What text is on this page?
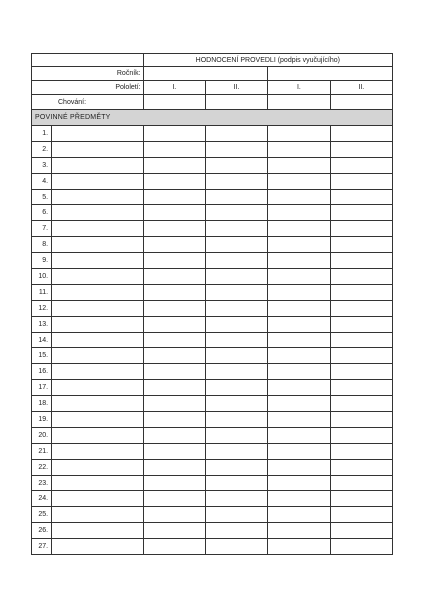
		HODNOCENÍ PROVEDLI (podpis vyučujícího)			
Ročník:					
Pololetí:		I.	II.	I.	II.
Chování:					
POVINNÉ PŘEDMĚTY					
1.					
2.					
3.					
4.					
5.					
6.					
7.					
8.					
9.					
10.					
11.					
12.					
13.					
14.					
15.					
16.					
17.					
18.					
19.					
20.					
21.					
22.					
23.					
24.					
25.					
26.					
27.					
